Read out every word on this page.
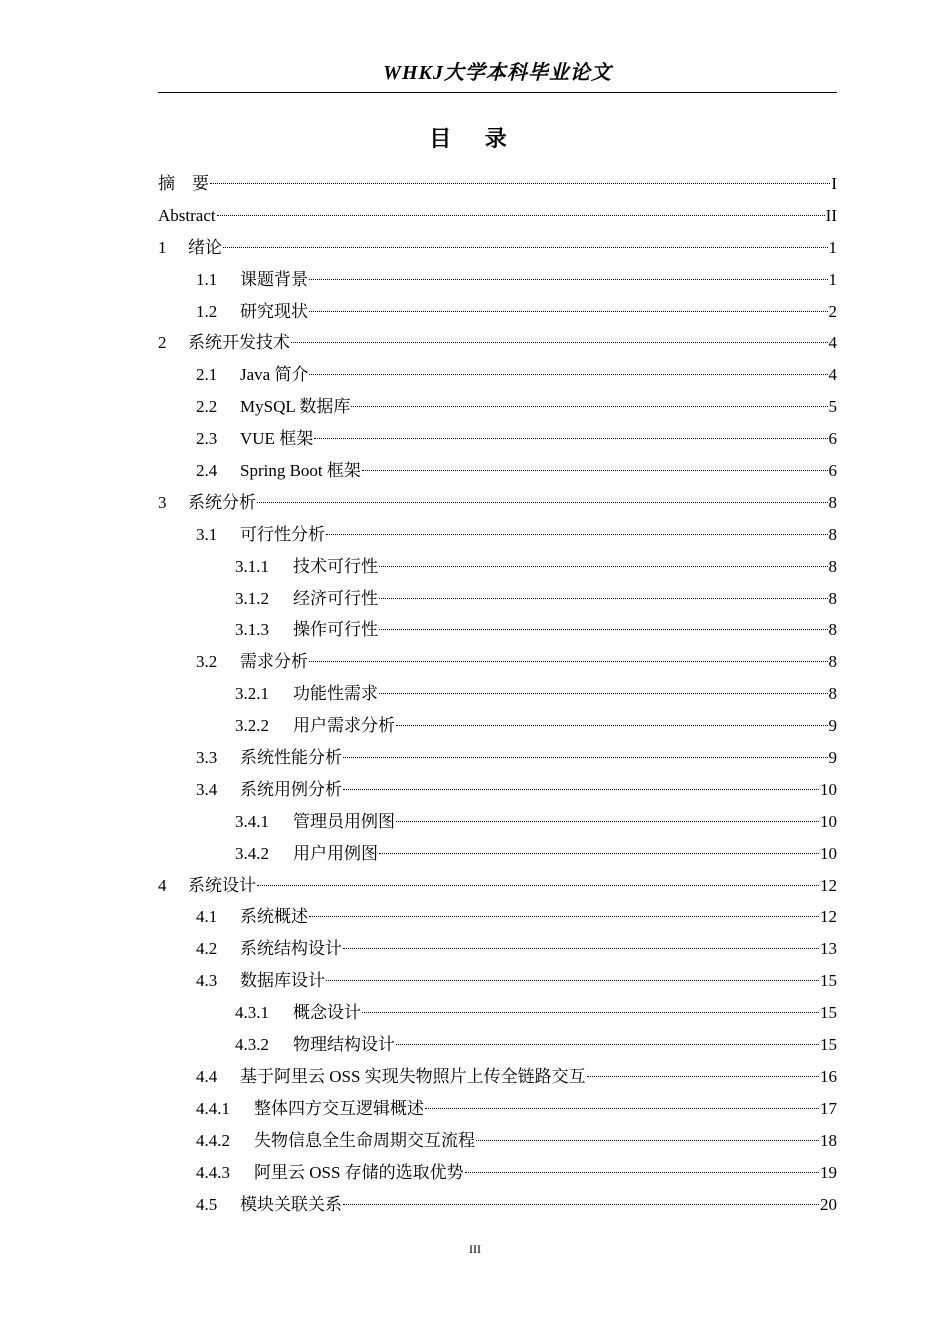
WHKJ大学本科毕业论文
目 录
摘    要	I
Abstract	II
1	绪论	1
1.1	课题背景	1
1.2	研究现状	2
2	系统开发技术	4
2.1	Java 简介	4
2.2	MySQL 数据库	5
2.3	VUE 框架	6
2.4	Spring Boot 框架	6
3	系统分析	8
3.1	可行性分析	8
3.1.1	技术可行性	8
3.1.2	经济可行性	8
3.1.3	操作可行性	8
3.2	需求分析	8
3.2.1	功能性需求	8
3.2.2	用户需求分析	9
3.3	系统性能分析	9
3.4	系统用例分析	10
3.4.1	管理员用例图	10
3.4.2	用户用例图	10
4	系统设计	12
4.1	系统概述	12
4.2	系统结构设计	13
4.3	数据库设计	15
4.3.1	概念设计	15
4.3.2	物理结构设计	15
4.4	基于阿里云 OSS 实现失物照片上传全链路交互	16
4.4.1	整体四方交互逻辑概述	17
4.4.2	失物信息全生命周期交互流程	18
4.4.3	阿里云 OSS 存储的选取优势	19
4.5	模块关联关系	20
III
